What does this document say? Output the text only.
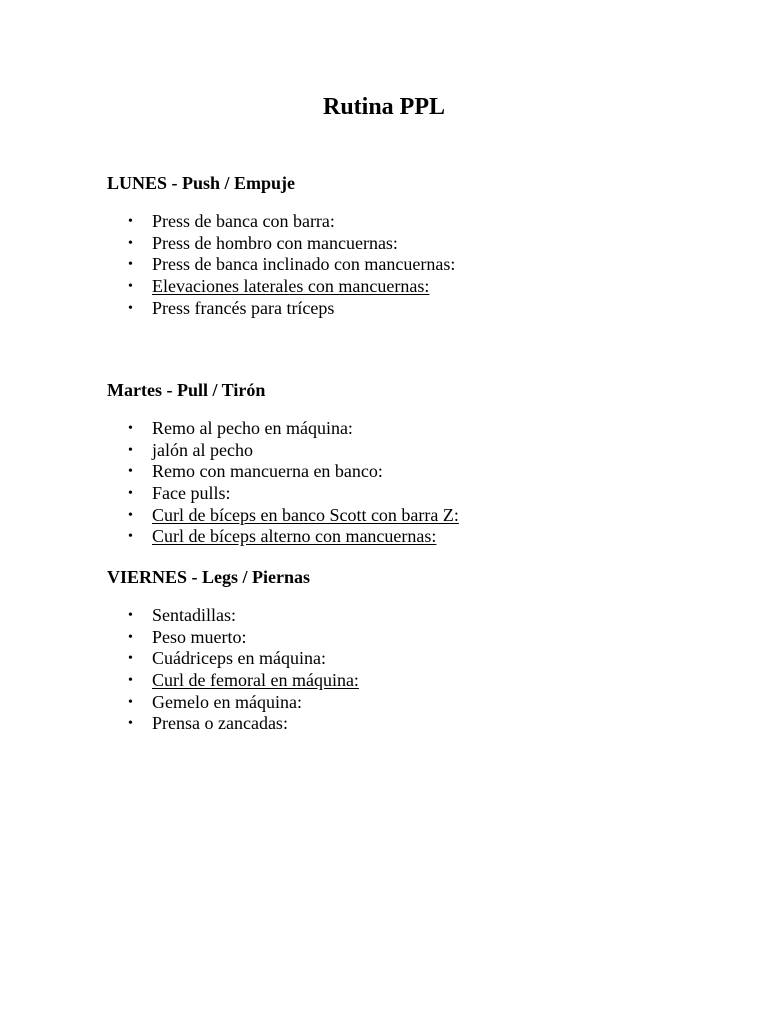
Rutina PPL
LUNES - Push / Empuje
• Press de banca con barra:
• Press de hombro con mancuernas:
• Press de banca inclinado con mancuernas:
• Elevaciones laterales con mancuernas:
• Press francés para tríceps
Martes - Pull / Tirón
• Remo al pecho en máquina:
• jalón al pecho
• Remo con mancuerna en banco:
• Face pulls:
• Curl de bíceps en banco Scott con barra Z:
• Curl de bíceps alterno con mancuernas:
VIERNES - Legs / Piernas
• Sentadillas:
• Peso muerto:
• Cuádriceps en máquina:
• Curl de femoral en máquina:
• Gemelo en máquina:
• Prensa o zancadas:
